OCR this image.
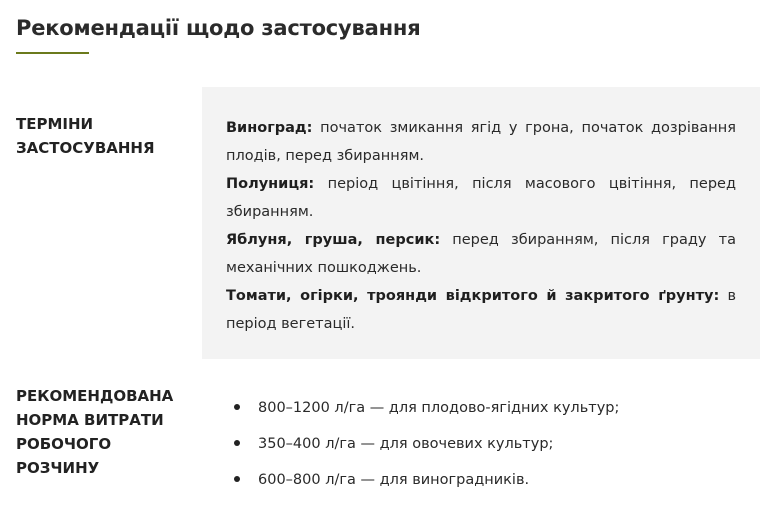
Рекомендації щодо застосування
ТЕРМІНИ ЗАСТОСУВАННЯ

Виноград: початок змикання ягід у грона, початок дозрівання плодів, перед збиранням.

Полуниця: період цвітіння, після масового цвітіння, перед збиранням.

Яблуня, груша, персик: перед збиранням, після граду та механічних пошкоджень.

Томати, огірки, троянди відкритого й закритого ґрунту: в період вегетації.

РЕКОМЕНДОВАНА НОРМА ВИТРАТИ РОБОЧОГО РОЗЧИНУ
800–1200 л/га — для плодово-ягідних культур;
350–400 л/га — для овочевих культур;
600–800 л/га — для виноградників.
